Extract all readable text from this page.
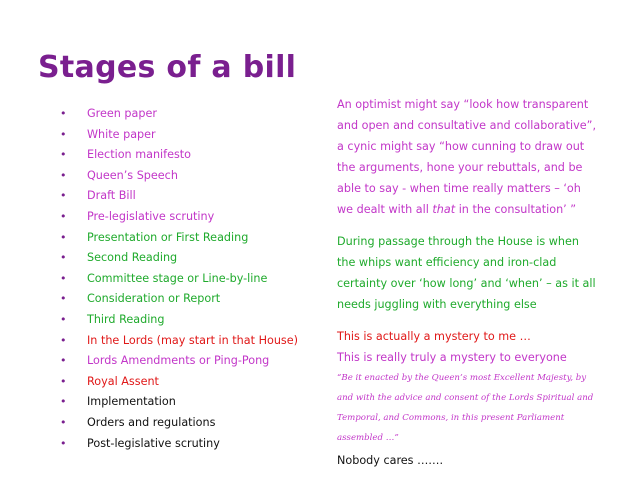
Stages of a bill
• Green paper
• White paper
• Election manifesto
• Queen’s Speech
• Draft Bill
• Pre-legislative scrutiny
• Presentation or First Reading
• Second Reading
• Committee stage or Line-by-line
• Consideration or Report
• Third Reading
• In the Lords (may start in that House)
• Lords Amendments or Ping-Pong
• Royal Assent
• Implementation
• Orders and regulations
• Post-legislative scrutiny

An optimist might say “look how transparent and open and consultative and collaborative”, a cynic might say “how cunning to draw out the arguments, hone your rebuttals, and be able to say - when time really matters – ‘oh we dealt with all that in the consultation’ ”

During passage through the House is when the whips want efficiency and iron-clad certainty over ‘how long’ and ‘when’ – as it all needs juggling with everything else

This is actually a mystery to me …

This is really truly a mystery to everyone

“Be it enacted by the Queen’s most Excellent Majesty, by and with the advice and consent of the Lords Spiritual and Temporal, and Commons, in this present Parliament assembled …”

Nobody cares …….
